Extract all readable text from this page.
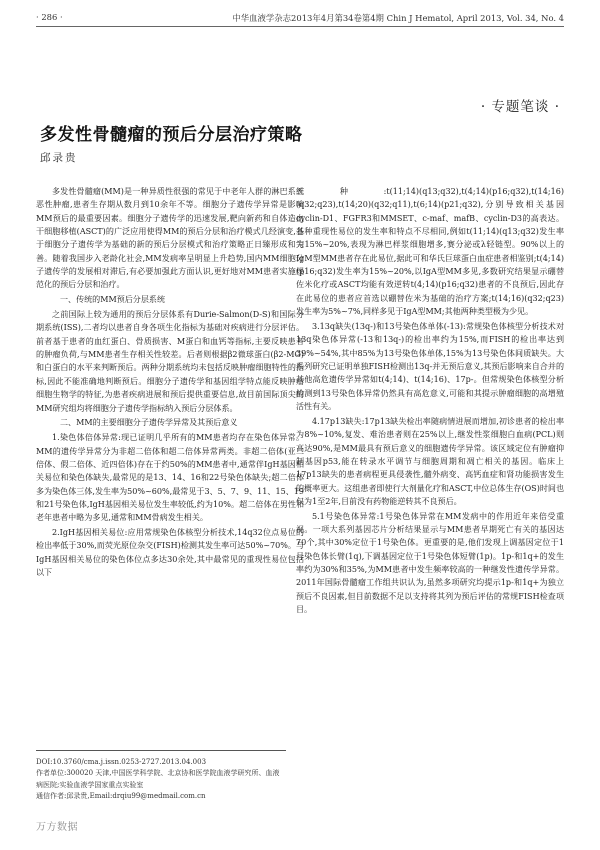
· 286 ·	中华血液学杂志2013年4月第34卷第4期 Chin J Hematol, April 2013, Vol. 34, No. 4
· 专题笔谈 ·
多发性骨髓瘤的预后分层治疗策略
邱录贵

多发性骨髓瘤(MM)是一种异质性很强的常见于中老年人群的淋巴系统恶性肿瘤,患者生存期从数月到10余年不等。细胞分子遗传学异常是影响MM预后的最重要因素。细胞分子遗传学的迅速发展,靶向新药和自体造血干细胞移植(ASCT)的广泛应用使得MM的预后分层和治疗模式几经演变,基于细胞分子遗传学为基础的新的预后分层模式和治疗策略正日臻形成和完善。随着我国步入老龄化社会,MM发病率呈明显上升趋势,国内MM细胞分子遗传学的发展相对滞后,有必要加强此方面认识,更好地对MM患者实施规范化的预后分层和治疗。

一、传统的MM预后分层系统

之前国际上较为通用的预后分层体系有Durie-Salmon(D-S)和国际分期系统(ISS),二者均以患者自身各项生化指标为基础对疾病进行分层评估。前者基于患者的血红蛋白、骨质损害、M蛋白和血钙等指标,主要反映患者的肿瘤负荷,与MM患者生存相关性较差。后者则根据β2微球蛋白(β2-MG)和白蛋白的水平来判断预后。两种分期系统均未包括反映肿瘤细胞特性的指标,因此不能准确地判断预后。细胞分子遗传学和基因组学特点能反映肿瘤细胞生物学的特征,为患者疾病进展和预后提供重要信息,故目前国际顶尖的MM研究组均将细胞分子遗传学指标纳入预后分层体系。

二、MM的主要细胞分子遗传学异常及其预后意义

1.染色体倍体异常:现已证明几乎所有的MM患者均存在染色体异常。MM的遗传学异常分为非超二倍体和超二倍体异常两类。非超二倍体(亚二倍体、假二倍体、近四倍体)存在于约50%的MM患者中,通常伴IgH基因相关易位和染色体缺失,最常见的是13、14、16和22号染色体缺失;超二倍体多为染色体三体,发生率为50%~60%,最常见于3、5、7、9、11、15、19和21号染色体,IgH基因相关易位发生率较低,约为10%。超二倍体在男性和老年患者中略为多见,通常和MM骨病发生相关。

2.IgH基因相关易位:应用常规染色体核型分析技术,14q32位点易位的检出率低于30%,而荧光原位杂交(FISH)检测其发生率可达50%~70%。与IgH基因相关易位的染色体位点多达30余处,其中最常见的重现性易位包括以下

五种:t(11;14)(q13;q32),t(4;14)(p16;q32),t(14;16)(q32;q23),t(14;20)(q32;q11),t(6;14)(p21;q32),分别导致相关基因cyclin-D1、FGFR3和MMSET、c-maf、mafB、cyclin-D3的高表达。各种重现性易位的发生率和特点不尽相同,例如t(11;14)(q13;q32)发生率为15%~20%,表现为淋巴样浆细胞增多,赛分泌或λ轻链型。90%以上的IgM型MM患者存在此易位,据此可和华氏巨球蛋白血症患者相鉴别;t(4;14)(p16;q32)发生率为15%~20%,以IgA型MM多见,多数研究结果显示硼替佐米化疗或ASCT均能有效逆转t(4;14)(p16;q32)患者的不良预后,因此存在此易位的患者应首选以硼替佐米为基础的治疗方案;t(14;16)(q32;q23)发生率为5%~7%,同样多见于IgA型MM;其他两种类型极为少见。

3.13q缺失(13q-)和13号染色体单体(-13):常规染色体核型分析技术对13q染色体异常(-13和13q-)的检出率约为15%,而FISH的检出率达到39%~54%,其中85%为13号染色体单体,15%为13号染色体间质缺失。大系列研究已证明单独FISH检测出13q-并无预后意义,其预后影响来自合并的其他高危遗传学异常如t(4;14)、t(14;16)、17p-。但常规染色体核型分析检测到13号染色体异常仍然具有高危意义,可能和其提示肿瘤细胞的高增殖活性有关。

4.17p13缺失:17p13缺失检出率随病情进展而增加,初诊患者的检出率为8%~10%,复发、难治患者则在25%以上,继发性浆细胞白血病(PCL)则高达90%,是MM最具有预后意义的细胞遗传学异常。该区域定位有肿瘤抑制基因p53,能在转录水平调节与细胞周期和凋亡相关的基因。临床上17p13缺失的患者病程更具侵袭性,髓外病变、高钙血症和肾功能损害发生的概率更大。这组患者即使行大剂量化疗和ASCT,中位总体生存(OS)时间也仅为1至2年,目前没有药物能逆转其不良预后。

5.1号染色体异常:1号染色体异常在MM发病中的作用近年来倍受重视。一项大系列基因芯片分析结果显示与MM患者早期死亡有关的基因达70个,其中30%定位于1号染色体。更重要的是,他们发现上调基因定位于1号染色体长臂(1q),下调基因定位于1号染色体短臂(1p)。1p-和1q+的发生率约为30%和35%,为MM患者中发生频率较高的一种继发性遗传学异常。2011年国际骨髓瘤工作组共识认为,虽然多项研究均提示1p-和1q+为独立预后不良因素,但目前数据不足以支持将其列为预后评估的常规FISH检查项目。

DOI:10.3760/cma.j.issn.0253-2727.2013.04.003
作者单位:300020 天津,中国医学科学院、北京协和医学院血液学研究所、血液病医院;实验血液学国家重点实验室
通信作者:邱录贵,Email:drqiu99@medmail.com.cn
万方数据
